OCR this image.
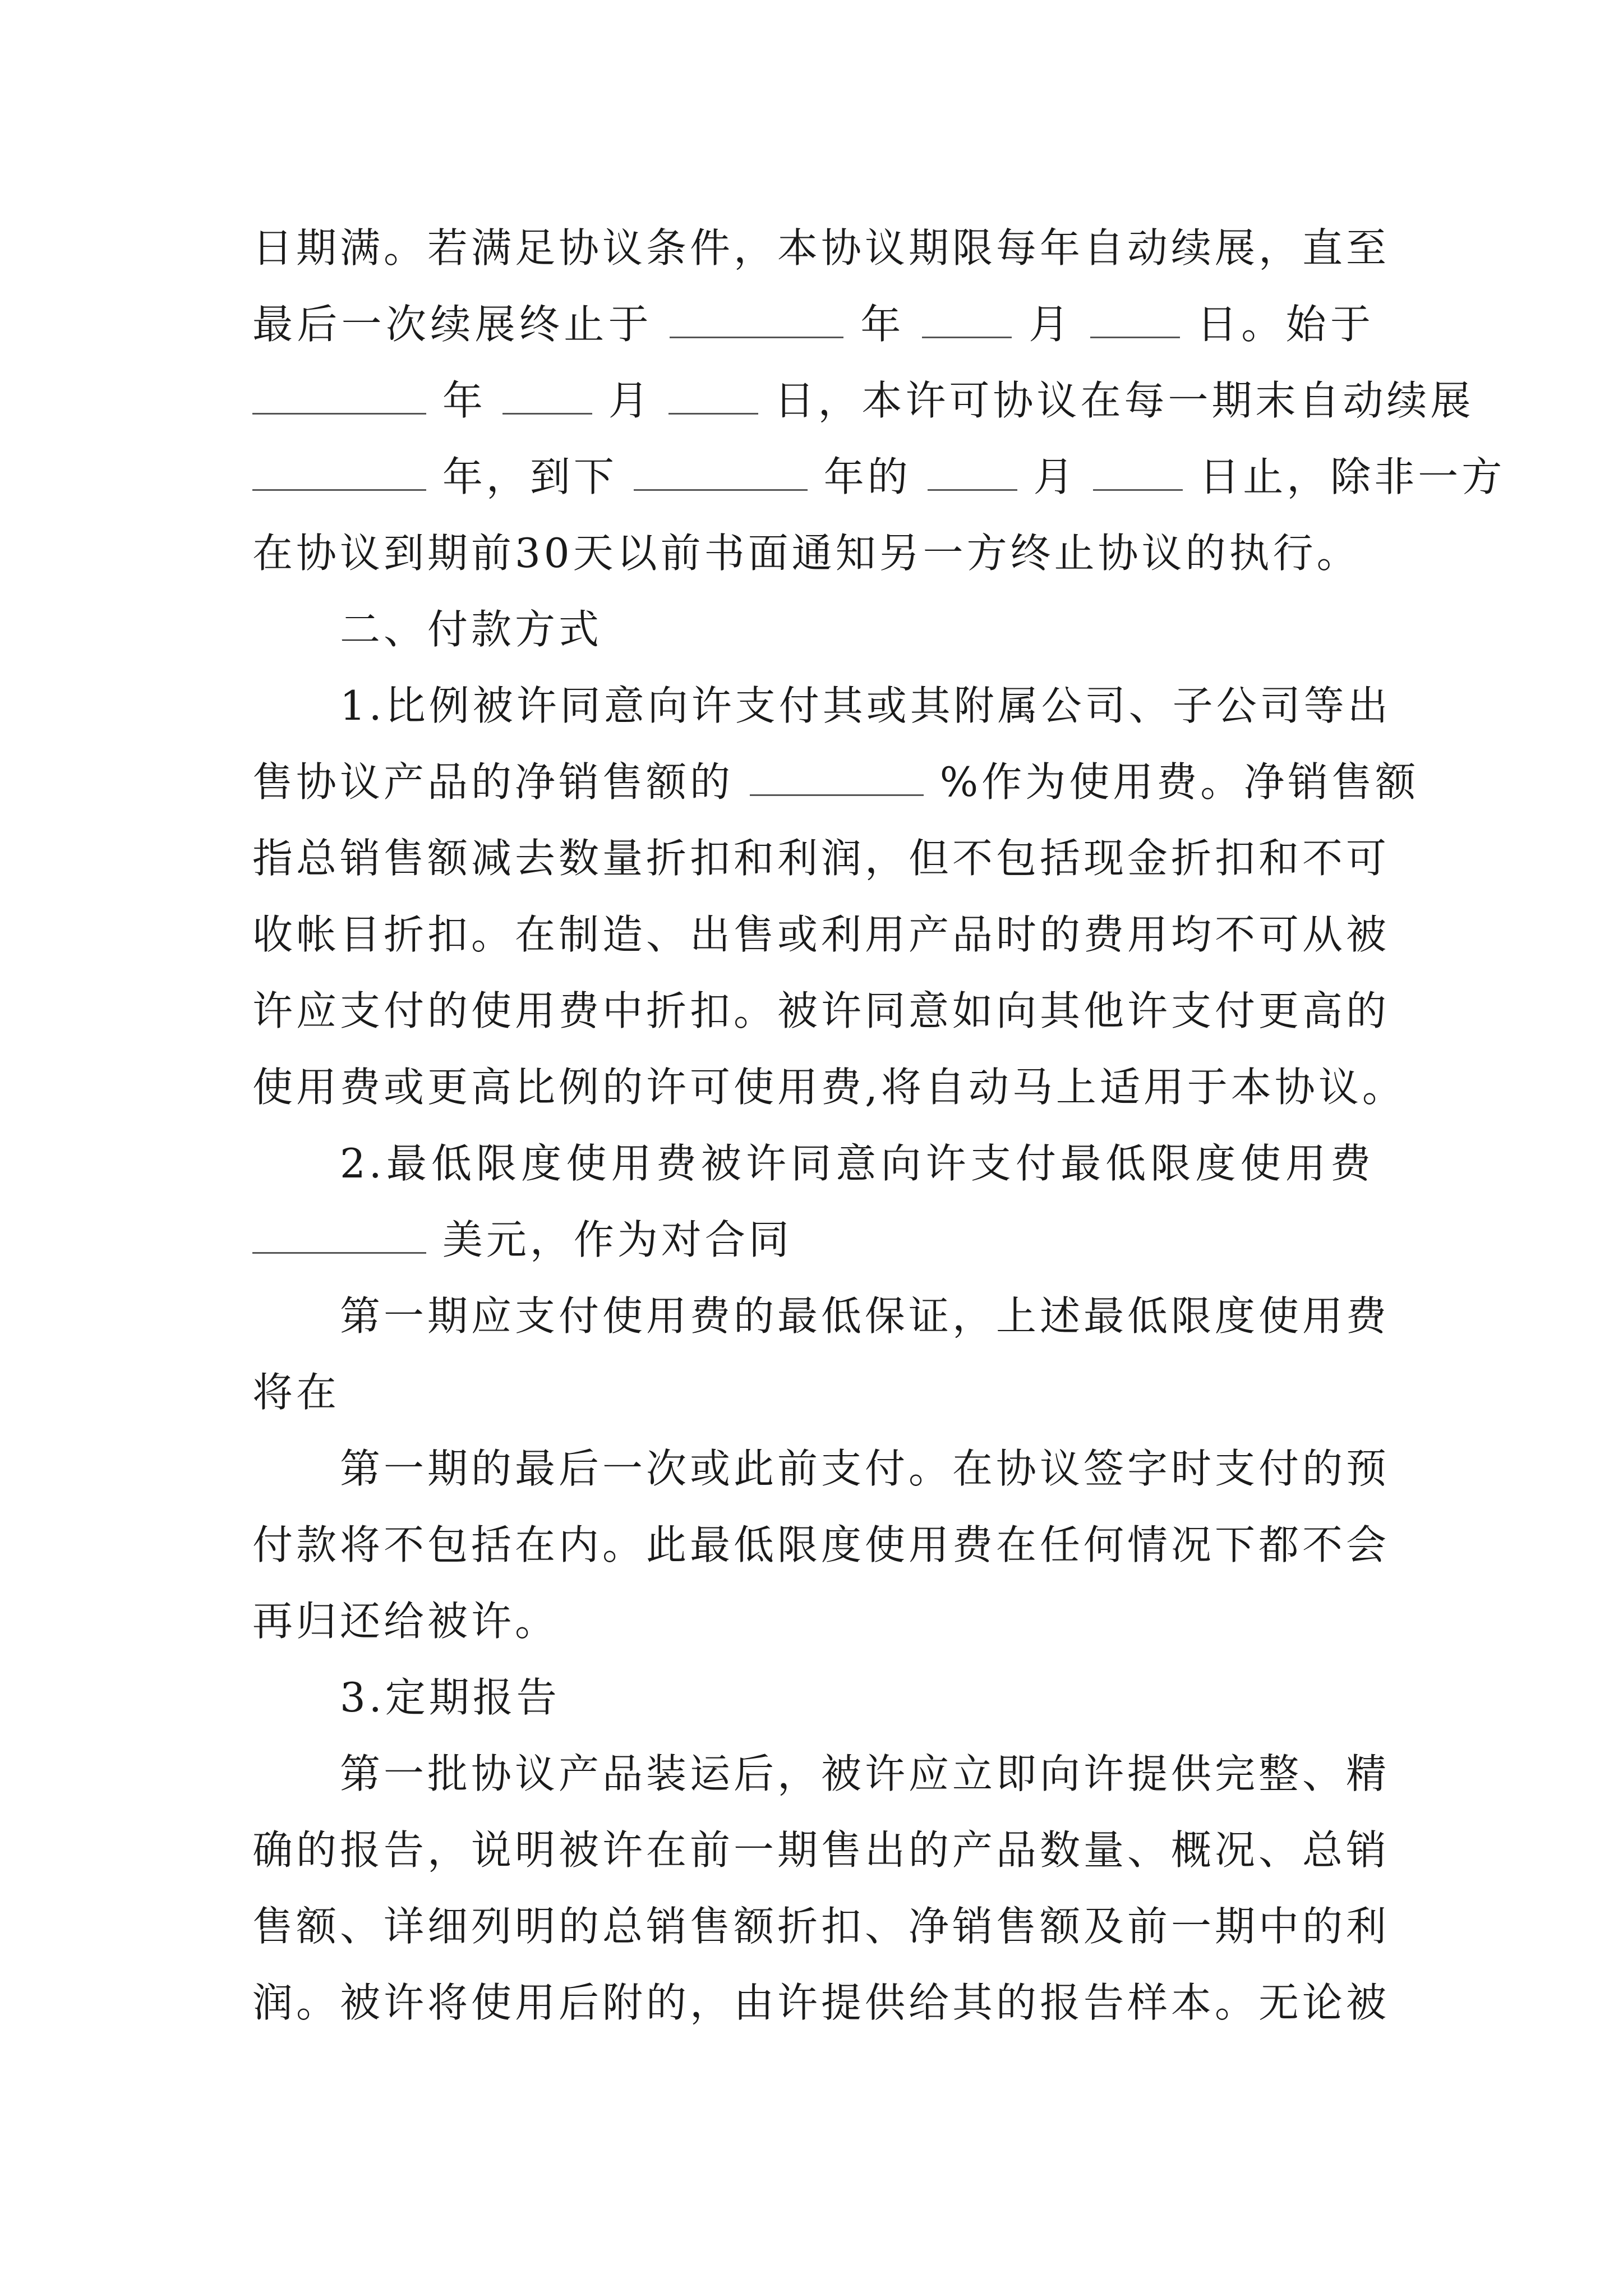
日期满。若满足协议条件，本协议期限每年自动续展，直至
最后一次续展终止于	年	月	日。始于
年	月	日，本许可协议在每一期末自动续展
年，到下	年的	月	日止，除非一方
在协议到期前30天以前书面通知另一方终止协议的执行。
二、付款方式
1.比例被许同意向许支付其或其附属公司、子公司等出
售协议产品的净销售额的	%作为使用费。净销售额
指总销售额减去数量折扣和利润，但不包括现金折扣和不可
收帐目折扣。在制造、出售或利用产品时的费用均不可从被
许应支付的使用费中折扣。被许同意如向其他许支付更高的
使用费或更高比例的许可使用费,将自动马上适用于本协议。
2.最低限度使用费被许同意向许支付最低限度使用费
美元，作为对合同
第一期应支付使用费的最低保证，上述最低限度使用费
将在
第一期的最后一次或此前支付。在协议签字时支付的预
付款将不包括在内。此最低限度使用费在任何情况下都不会
再归还给被许。
3.定期报告
第一批协议产品装运后，被许应立即向许提供完整、精
确的报告，说明被许在前一期售出的产品数量、概况、总销
售额、详细列明的总销售额折扣、净销售额及前一期中的利
润。被许将使用后附的，由许提供给其的报告样本。无论被
